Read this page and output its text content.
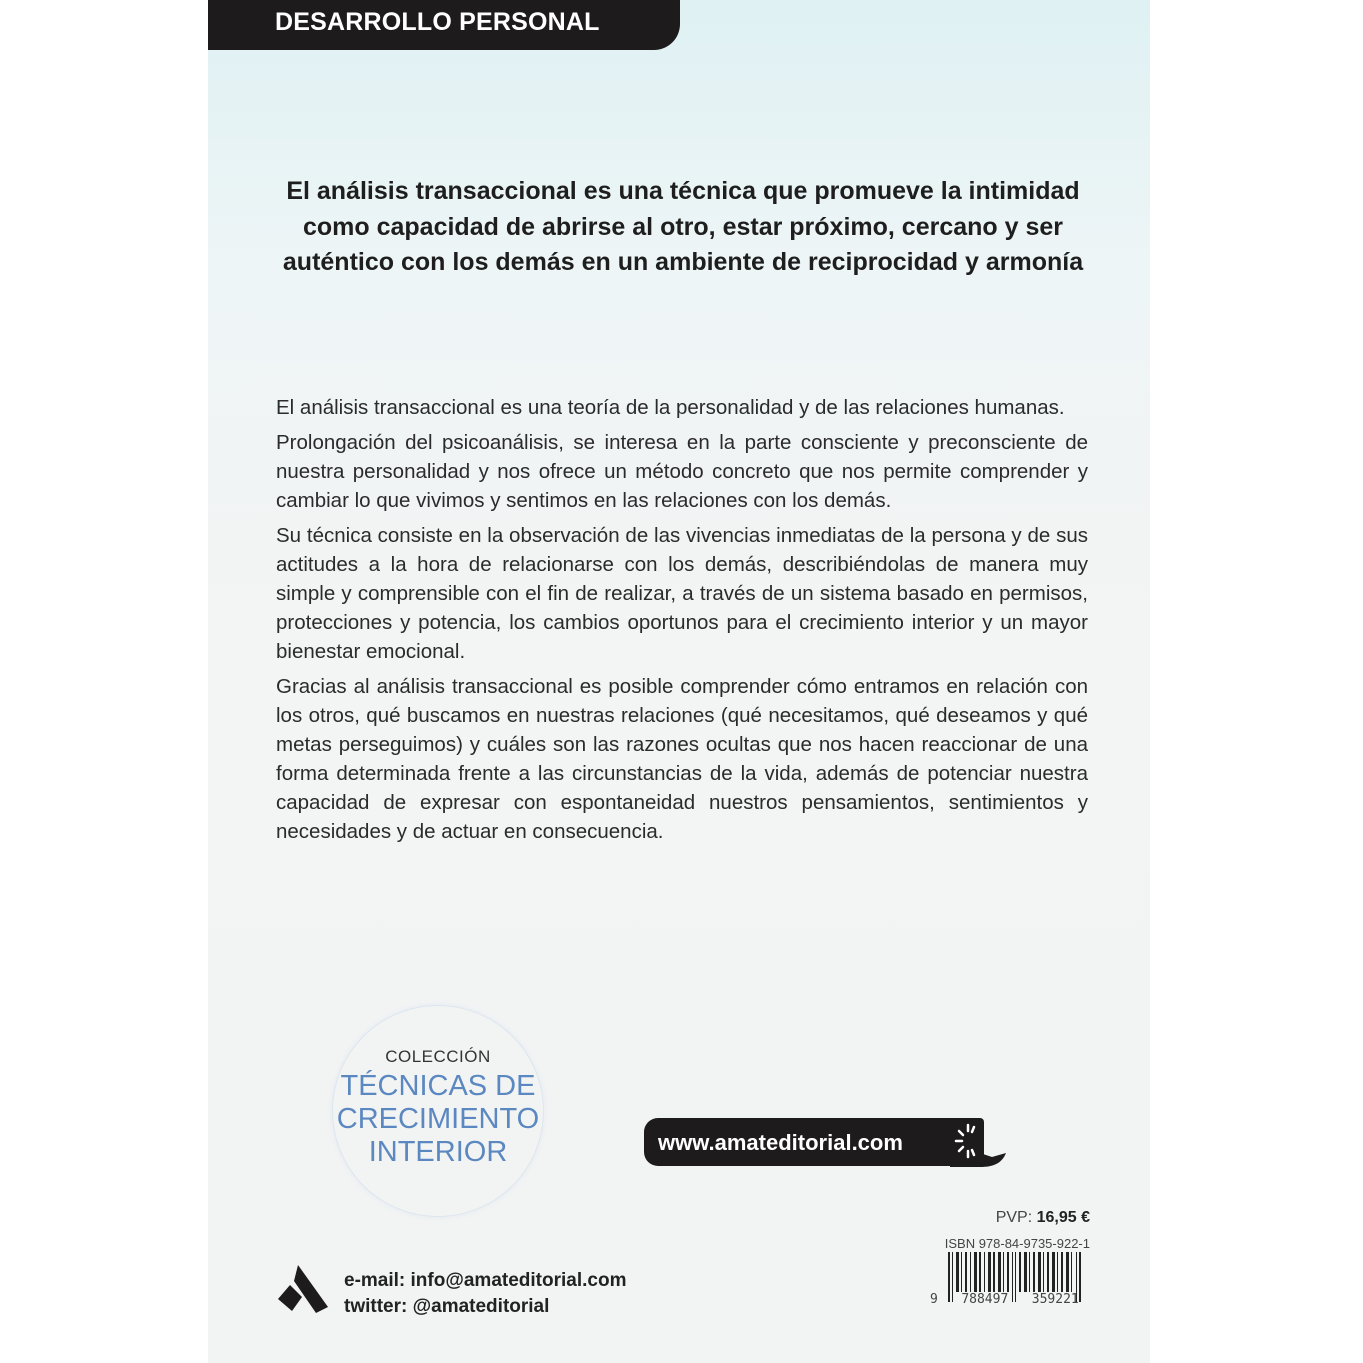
DESARROLLO PERSONAL
El análisis transaccional es una técnica que promueve la intimidad como capacidad de abrirse al otro, estar próximo, cercano y ser auténtico con los demás en un ambiente de reciprocidad y armonía

El análisis transaccional es una teoría de la personalidad y de las relaciones humanas.

Prolongación del psicoanálisis, se interesa en la parte consciente y preconsciente de nuestra personalidad y nos ofrece un método concreto que nos permite comprender y cambiar lo que vivimos y sentimos en las relaciones con los demás.

Su técnica consiste en la observación de las vivencias inmediatas de la persona y de sus actitudes a la hora de relacionarse con los demás, describiéndolas de manera muy simple y comprensible con el fin de realizar, a través de un sistema basado en permisos, protecciones y potencia, los cambios oportunos para el crecimiento interior y un mayor bienestar emocional.

Gracias al análisis transaccional es posible comprender cómo entramos en relación con los otros, qué buscamos en nuestras relaciones (qué necesitamos, qué deseamos y qué metas perseguimos) y cuáles son las razones ocultas que nos hacen reaccionar de una forma determinada frente a las circunstancias de la vida, además de potenciar nuestra capacidad de expresar con espontaneidad nuestros pensamientos, sentimientos y necesidades y de actuar en consecuencia.

COLECCIÓN
TÉCNICAS DE
CRECIMIENTO
INTERIOR	www.amateditorial.com
PVP: 16,95 €
ISBN 978-84-9735-922-1
9 788497 359221
e-mail: info@amateditorial.com
twitter: @amateditorial
